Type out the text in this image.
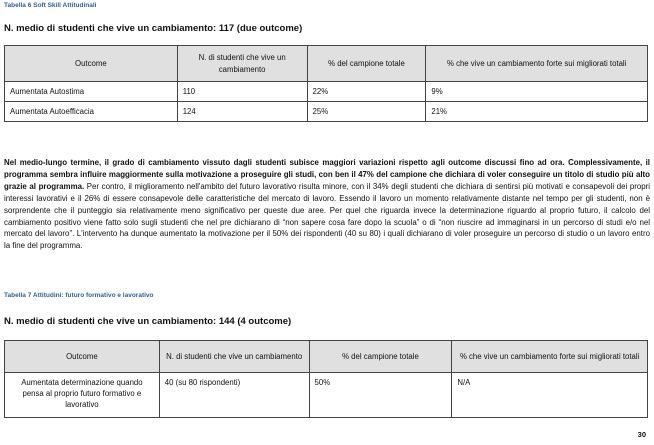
Tabella 6 Soft Skill Attitudinali
N. medio di studenti che vive un cambiamento: 117 (due outcome)
Outcome	N. di studenti che vive un cambiamento	% del campione totale	% che vive un cambiamento forte sui migliorati totali
Aumentata Autostima	110	22%	9%
Aumentata Autoefficacia	124	25%	21%

Nel medio-lungo termine, il grado di cambiamento vissuto dagli studenti subisce maggiori variazioni rispetto agli outcome discussi fino ad ora. Complessivamente, il programma sembra influire maggiormente sulla motivazione a proseguire gli studi, con ben il 47% del campione che dichiara di voler conseguire un titolo di studio più alto grazie al programma. Per contro, il miglioramento nell'ambito del futuro lavorativo risulta minore, con il 34% degli studenti che dichiara di sentirsi più motivati e consapevoli dei propri interessi lavorativi e il 26% di essere consapevole delle caratteristiche del mercato di lavoro. Essendo il lavoro un momento relativamente distante nel tempo per gli studenti, non è sorprendente che il punteggio sia relativamente meno significativo per queste due aree. Per quel che riguarda invece la determinazione riguardo al proprio futuro, il calcolo del cambiamento positivo viene fatto solo sugli studenti che nel pre dichiarano di “non sapere cosa fare dopo la scuola” o di “non riuscire ad immaginarsi in un percorso di studi e/o nel mercato del lavoro”. L'intervento ha dunque aumentato la motivazione per il 50% dei rispondenti (40 su 80) i quali dichiarano di voler proseguire un percorso di studio o un lavoro entro la fine del programma.

Tabella 7 Attitudini: futuro formativo e lavorativo
N. medio di studenti che vive un cambiamento: 144 (4 outcome)
Outcome	N. di studenti che vive un cambiamento	% del campione totale	% che vive un cambiamento forte sui migliorati totali
Aumentata determinazione quando pensa al proprio futuro formativo e lavorativo	40 (su 80 rispondenti)	50%	N/A
30
